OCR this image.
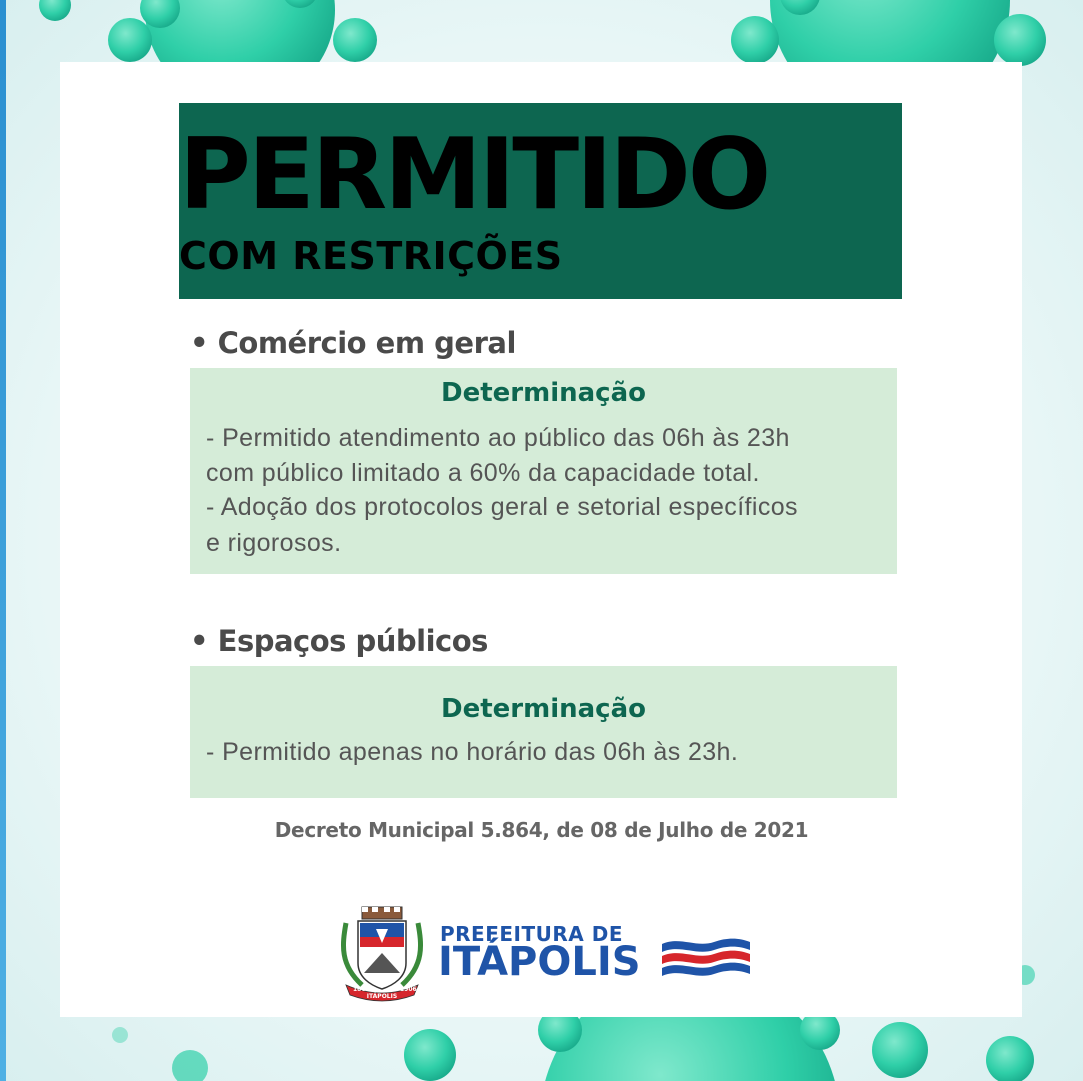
PERMITIDO
COM RESTRIÇÕES
• Comércio em geral
Determinação
- Permitido atendimento ao público das 06h às 23h
com público limitado a 60% da capacidade total.
- Adoção dos protocolos geral e setorial específicos
e rigorosos.
• Espaços públicos
Determinação
- Permitido apenas no horário das 06h às 23h.
Decreto Municipal 5.864, de 08 de Julho de 2021
1862	1906
ITÁPOLIS
PREFEITURA DE
ITÁPOLIS
